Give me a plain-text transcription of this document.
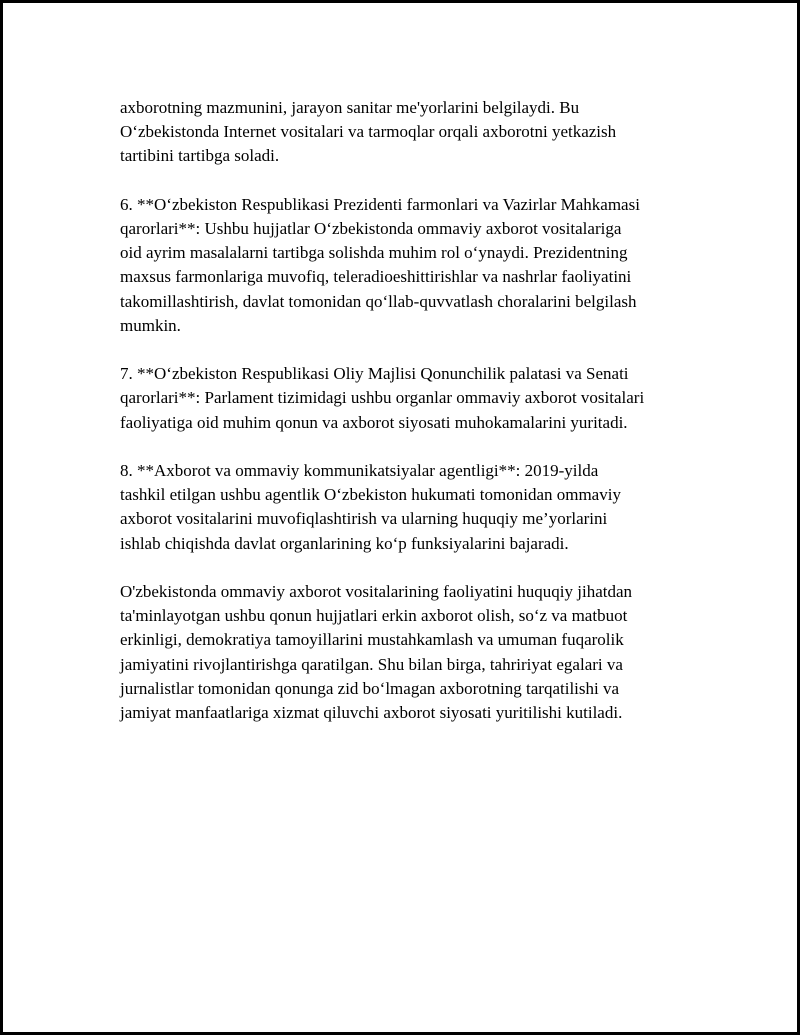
axborotning mazmunini, jarayon sanitar me'yorlarini belgilaydi. Bu
O‘zbekistonda Internet vositalari va tarmoqlar orqali axborotni yetkazish
tartibini tartibga soladi.

6. **O‘zbekiston Respublikasi Prezidenti farmonlari va Vazirlar Mahkamasi
qarorlari**: Ushbu hujjatlar O‘zbekistonda ommaviy axborot vositalariga
oid ayrim masalalarni tartibga solishda muhim rol o‘ynaydi. Prezidentning
maxsus farmonlariga muvofiq, teleradioeshittirishlar va nashrlar faoliyatini
takomillashtirish, davlat tomonidan qo‘llab-quvvatlash choralarini belgilash
mumkin.

7. **O‘zbekiston Respublikasi Oliy Majlisi Qonunchilik palatasi va Senati
qarorlari**: Parlament tizimidagi ushbu organlar ommaviy axborot vositalari
faoliyatiga oid muhim qonun va axborot siyosati muhokamalarini yuritadi.

8. **Axborot va ommaviy kommunikatsiyalar agentligi**: 2019-yilda
tashkil etilgan ushbu agentlik O‘zbekiston hukumati tomonidan ommaviy
axborot vositalarini muvofiqlashtirish va ularning huquqiy me’yorlarini
ishlab chiqishda davlat organlarining ko‘p funksiyalarini bajaradi.

O'zbekistonda ommaviy axborot vositalarining faoliyatini huquqiy jihatdan
ta'minlayotgan ushbu qonun hujjatlari erkin axborot olish, so‘z va matbuot
erkinligi, demokratiya tamoyillarini mustahkamlash va umuman fuqarolik
jamiyatini rivojlantirishga qaratilgan. Shu bilan birga, tahririyat egalari va
jurnalistlar tomonidan qonunga zid bo‘lmagan axborotning tarqatilishi va
jamiyat manfaatlariga xizmat qiluvchi axborot siyosati yuritilishi kutiladi.
